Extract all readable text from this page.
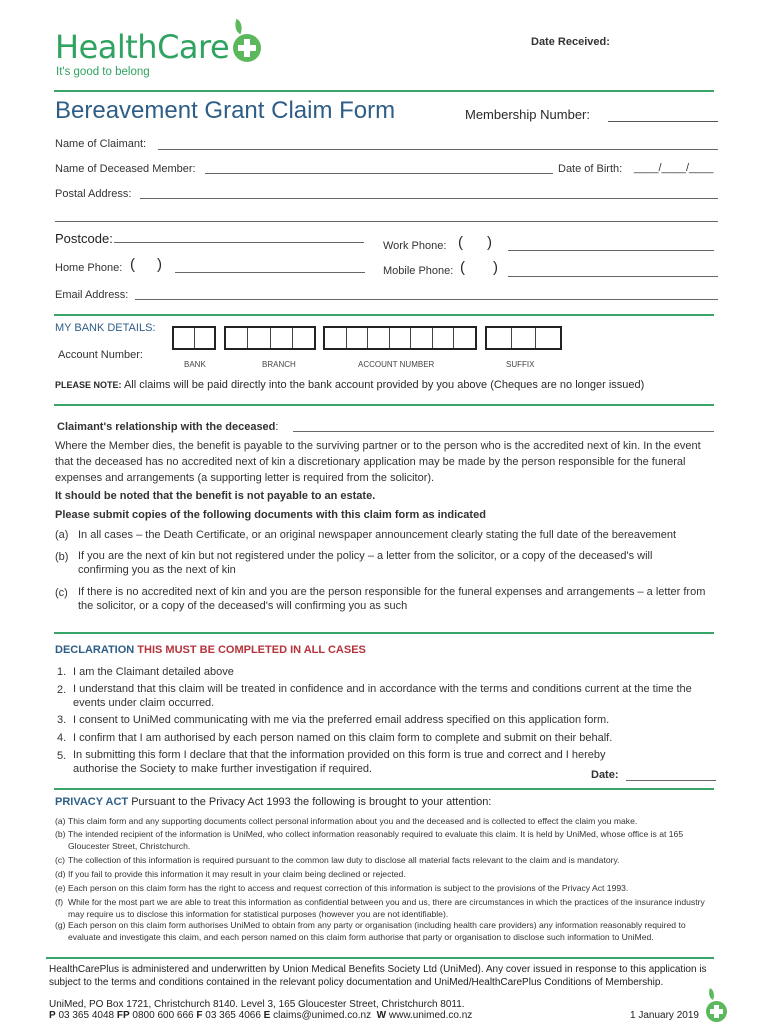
HealthCare
It's good to belong
Date Received:
Bereavement Grant Claim Form	Membership Number:
Name of Claimant:
Name of Deceased Member:	Date of Birth: ____/____/____
Postal Address:
Postcode:	Work Phone: ( )
Home Phone: ( )	Mobile Phone: ( )
Email Address:
MY BANK DETAILS:
Account Number:
BANK	BRANCH	ACCOUNT NUMBER	SUFFIX
PLEASE NOTE: All claims will be paid directly into the bank account provided by you above (Cheques are no longer issued)
Claimant's relationship with the deceased:
Where the Member dies, the benefit is payable to the surviving partner or to the person who is the accredited next of kin. In the event that the deceased has no accredited next of kin a discretionary application may be made by the person responsible for the funeral expenses and arrangements (a supporting letter is required from the solicitor).
It should be noted that the benefit is not payable to an estate.
Please submit copies of the following documents with this claim form as indicated
(a) In all cases – the Death Certificate, or an original newspaper announcement clearly stating the full date of the bereavement
(b) If you are the next of kin but not registered under the policy – a letter from the solicitor, or a copy of the deceased's will confirming you as the next of kin
(c) If there is no accredited next of kin and you are the person responsible for the funeral expenses and arrangements – a letter from the solicitor, or a copy of the deceased's will confirming you as such
DECLARATION THIS MUST BE COMPLETED IN ALL CASES
1. I am the Claimant detailed above
2. I understand that this claim will be treated in confidence and in accordance with the terms and conditions current at the time the events under claim occurred.
3. I consent to UniMed communicating with me via the preferred email address specified on this application form.
4. I confirm that I am authorised by each person named on this claim form to complete and submit on their behalf.
5. In submitting this form I declare that that the information provided on this form is true and correct and I hereby authorise the Society to make further investigation if required.	Date:
PRIVACY ACT Pursuant to the Privacy Act 1993 the following is brought to your attention:
(a) This claim form and any supporting documents collect personal information about you and the deceased and is collected to effect the claim you make.
(b) The intended recipient of the information is UniMed, who collect information reasonably required to evaluate this claim. It is held by UniMed, whose office is at 165 Gloucester Street, Christchurch.
(c) The collection of this information is required pursuant to the common law duty to disclose all material facts relevant to the claim and is mandatory.
(d) If you fail to provide this information it may result in your claim being declined or rejected.
(e) Each person on this claim form has the right to access and request correction of this information is subject to the provisions of the Privacy Act 1993.
(f) While for the most part we are able to treat this information as confidential between you and us, there are circumstances in which the practices of the insurance industry may require us to disclose this information for statistical purposes (however you are not identifiable).
(g) Each person on this claim form authorises UniMed to obtain from any party or organisation (including health care providers) any information reasonably required to evaluate and investigate this claim, and each person named on this claim form authorise that party or organisation to disclose such information to UniMed.
HealthCarePlus is administered and underwritten by Union Medical Benefits Society Ltd (UniMed). Any cover issued in response to this application is subject to the terms and conditions contained in the relevant policy documentation and UniMed/HealthCarePlus Conditions of Membership.
UniMed, PO Box 1721, Christchurch 8140. Level 3, 165 Gloucester Street, Christchurch 8011.
P 03 365 4048 FP 0800 600 666 F 03 365 4066 E claims@unimed.co.nz W www.unimed.co.nz	1 January 2019
